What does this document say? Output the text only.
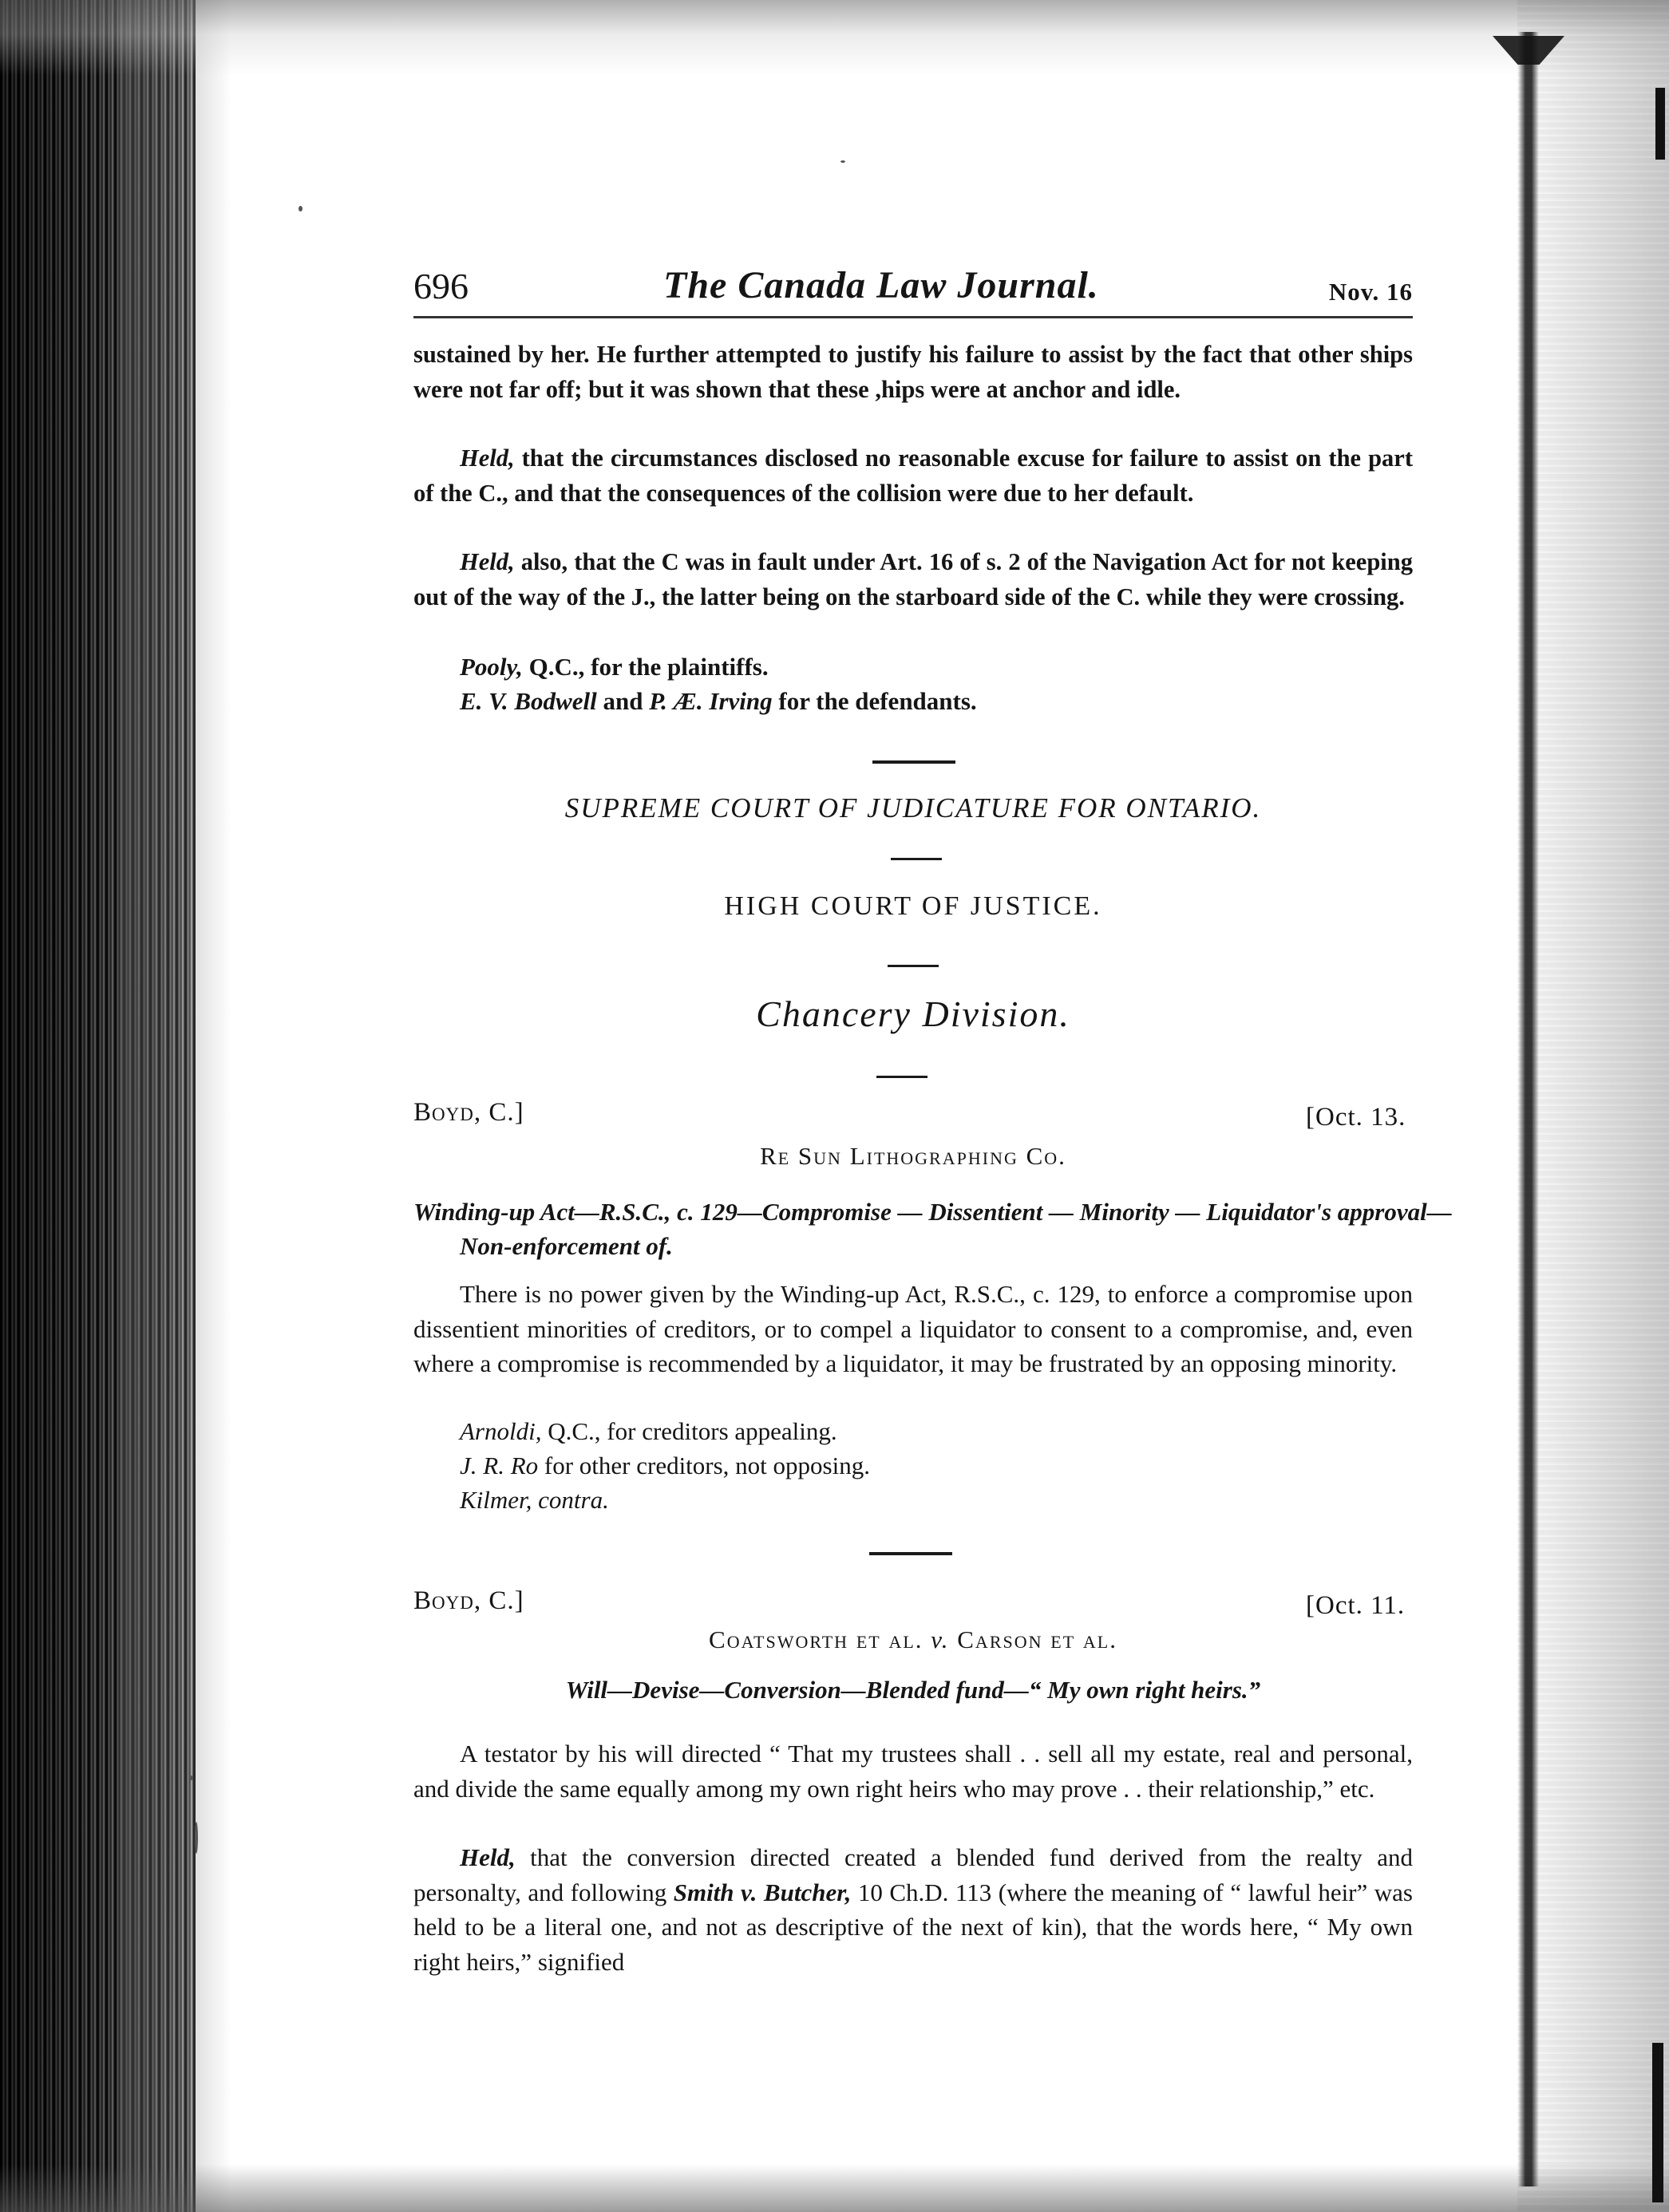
696	The Canada Law Journal.	Nov. 16

sustained by her. He further attempted to justify his failure to assist by the fact that other ships were not far off; but it was shown that these ,hips were at anchor and idle.

Held, that the circumstances disclosed no reasonable excuse for failure to assist on the part of the C., and that the consequences of the collision were due to her default.

Held, also, that the C was in fault under Art. 16 of s. 2 of the Navigation Act for not keeping out of the way of the J., the latter being on the starboard side of the C. while they were crossing.

Pooly, Q.C., for the plaintiffs.
E. V. Bodwell and P. Æ. Irving for the defendants.
SUPREME COURT OF JUDICATURE FOR ONTARIO.
HIGH COURT OF JUSTICE.
Chancery Division.
Boyd, C.]	[Oct. 13.
Re Sun Lithographing Co.

Winding-up Act—R.S.C., c. 129—Compromise — Dissentient — Minority — Liquidator's approval—Non-enforcement of.

There is no power given by the Winding-up Act, R.S.C., c. 129, to enforce a compromise upon dissentient minorities of creditors, or to compel a liquidator to consent to a compromise, and, even where a compromise is recommended by a liquidator, it may be frustrated by an opposing minority.

Arnoldi, Q.C., for creditors appealing.
J. R. Ro for other creditors, not opposing.
Kilmer, contra.
Boyd, C.]	[Oct. 11.
Coatsworth et al. v. Carson et al.
Will—Devise—Conversion—Blended fund—“ My own right heirs.”

A testator by his will directed “ That my trustees shall . . sell all my estate, real and personal, and divide the same equally among my own right heirs who may prove . . their relationship,” etc.

Held, that the conversion directed created a blended fund derived from the realty and personalty, and following Smith v. Butcher, 10 Ch.D. 113 (where the meaning of “ lawful heir” was held to be a literal one, and not as descriptive of the next of kin), that the words here, “ My own right heirs,” signified
